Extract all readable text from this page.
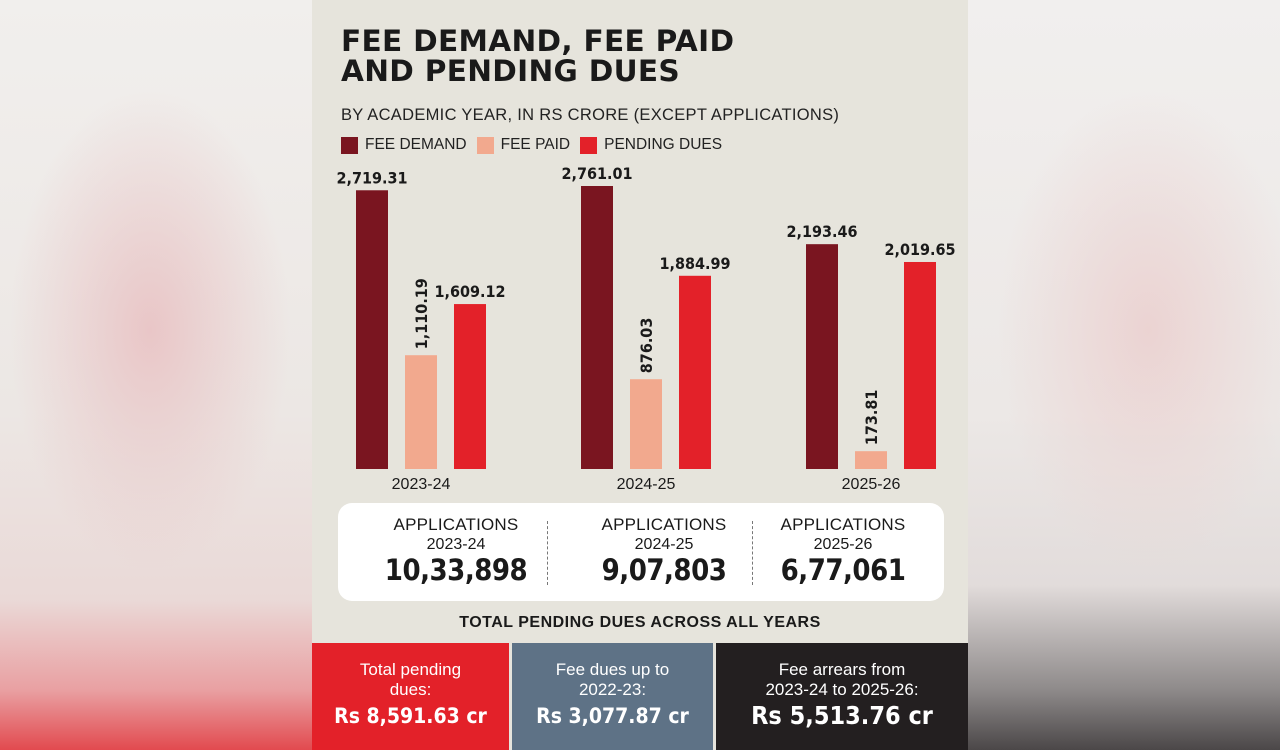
FEE DEMAND, FEE PAID
AND PENDING DUES
BY ACADEMIC YEAR, IN RS CRORE (EXCEPT APPLICATIONS)
FEE DEMAND FEE PAID PENDING DUES
2,719.31
1,110.19 1,609.12
2023-24
2,761.01
876.03
1,884.99
2024-25
2,193.46
173.81
2,019.65
2025-26
APPLICATIONS
2023-24
10,33,898
APPLICATIONS
2024-25
9,07,803
APPLICATIONS
2025-26
6,77,061
TOTAL PENDING DUES ACROSS ALL YEARS
Total pending
dues:
Rs 8,591.63 cr
Fee dues up to
2022-23:
Rs 3,077.87 cr
Fee arrears from
2023-24 to 2025-26:
Rs 5,513.76 cr
